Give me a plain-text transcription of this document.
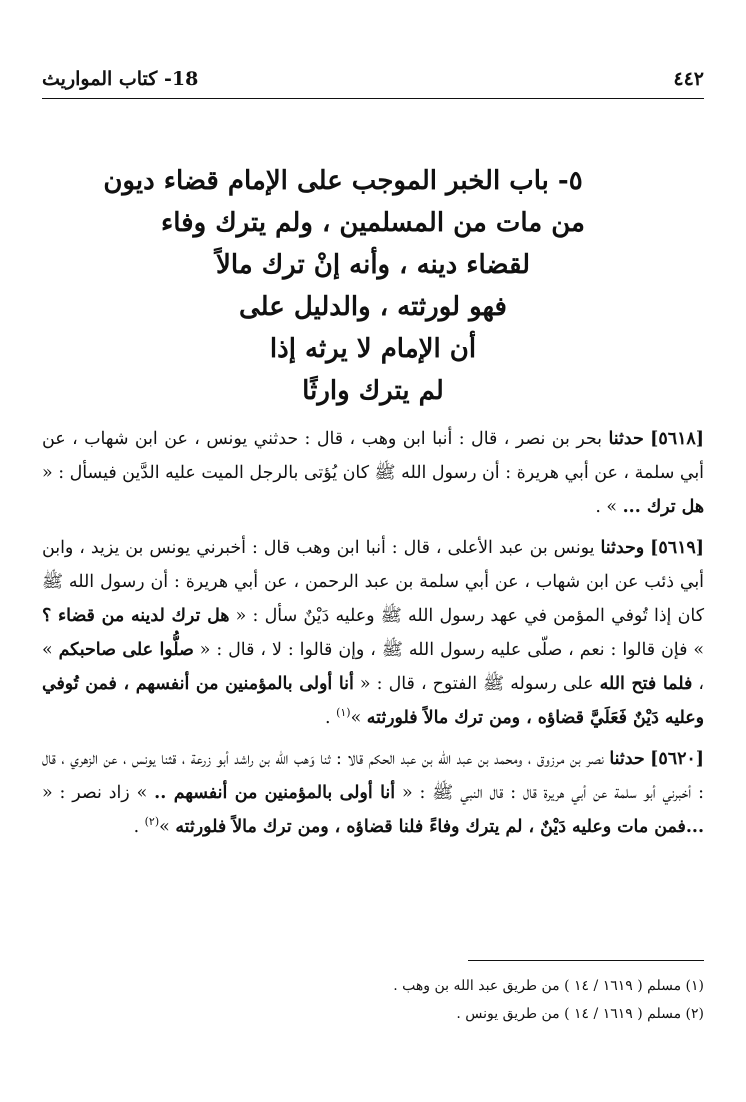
٤٤٢
18- كتاب المواريث
٥- باب الخبر الموجب على الإمام قضاء ديون
من مات من المسلمين ، ولم يترك وفاء
لقضاء دينه ، وأنه إنْ ترك مالاً
فهو لورثته ، والدليل على
أن الإمام لا يرثه إذا
لم يترك وارثًا

[٥٦١٨] حدثنا بحر بن نصر ، قال : أنبا ابن وهب ، قال : حدثني يونس ، عن ابن شهاب ، عن أبي سلمة ، عن أبي هريرة : أن رسول الله ﷺ كان يُؤتى بالرجل الميت عليه الدَّين فيسأل : « هل ترك ... » .

[٥٦١٩] وحدثنا يونس بن عبد الأعلى ، قال : أنبا ابن وهب قال : أخبرني يونس بن يزيد ، وابن أبي ذئب عن ابن شهاب ، عن أبي سلمة بن عبد الرحمن ، عن أبي هريرة : أن رسول الله ﷺ كان إذا تُوفي المؤمن في عهد رسول الله ﷺ وعليه دَيْنٌ سأل : « هل ترك لدينه من قضاء ؟ » فإن قالوا : نعم ، صلّى عليه رسول الله ﷺ ، وإن قالوا : لا ، قال : « صلُّوا على صاحبكم » ، فلما فتح الله على رسوله ﷺ الفتوح ، قال : « أنا أولى بالمؤمنين من أنفسهم ، فمن تُوفي وعليه دَيْنٌ فَعَلَيَّ قضاؤه ، ومن ترك مالاً فلورثته »$^{(١)}$ .

[٥٦٢٠] حدثنا نصر بن مرزوق ، ومحمد بن عبد الله بن عبد الحكم قالا : ثنا وَهب الله بن راشد أبو زرعة ، قثنا يونس ، عن الزهري ، قال : أخبرني أبو سلمة عن أبي هريرة قال : قال النبي ﷺ : « أنا أولى بالمؤمنين من أنفسهم .. » زاد نصر : « ...فمن مات وعليه دَيْنٌ ، لم يترك وفاءً فلنا قضاؤه ، ومن ترك مالاً فلورثته »$^{(٢)}$ .

(١) مسلم ( ١٦١٩ / ١٤ ) من طريق عبد الله بن وهب .
(٢) مسلم ( ١٦١٩ / ١٤ ) من طريق يونس .
